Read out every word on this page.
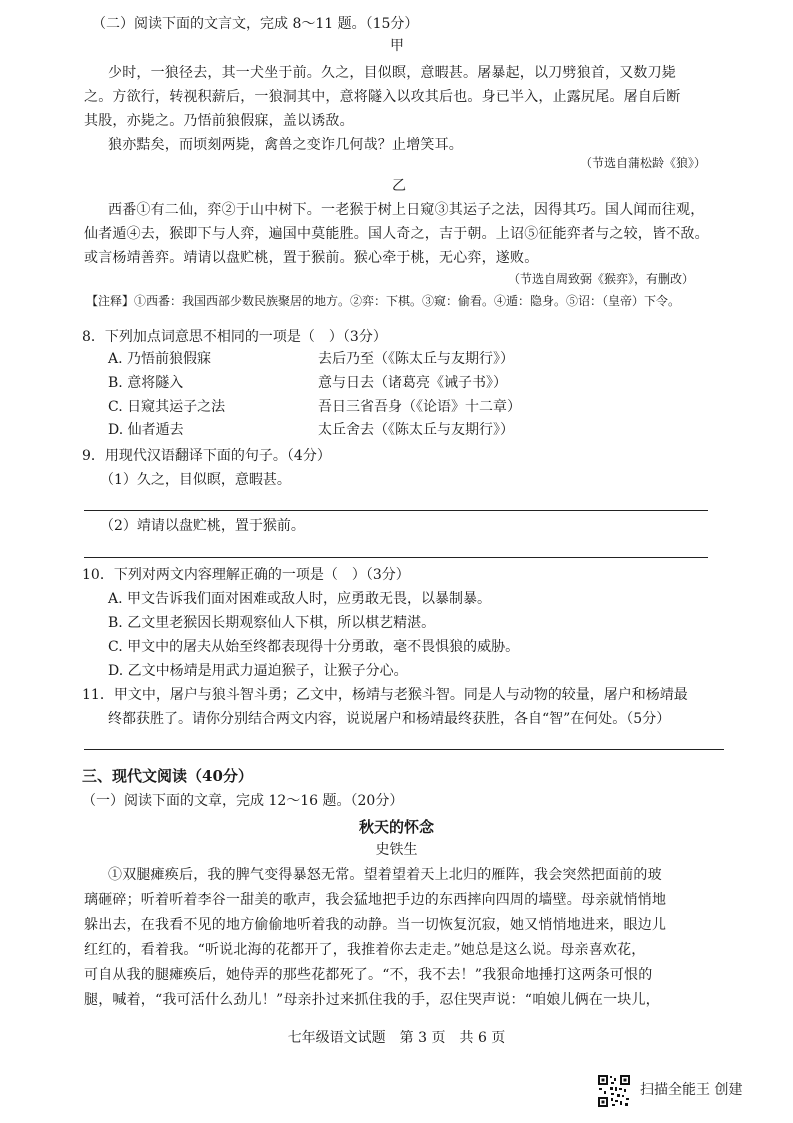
（二）阅读下面的文言文，完成 8～11 题。（15分）
甲
少时，一狼径去，其一犬坐于前。久之，目似瞑，意暇甚。屠暴起，以刀劈狼首，又数刀毙
之。方欲行，转视积薪后，一狼洞其中，意将隧入以攻其后也。身已半入，止露尻尾。屠自后断
其股，亦毙之。乃悟前狼假寐，盖以诱敌。
狼亦黠矣，而顷刻两毙，禽兽之变诈几何哉？止增笑耳。
（节选自蒲松龄《狼》）
乙
西番①有二仙，弈②于山中树下。一老猴于树上日窥③其运子之法，因得其巧。国人闻而往观，
仙者遁④去，猴即下与人弈，遍国中莫能胜。国人奇之，吉于朝。上诏⑤征能弈者与之较，皆不敌。
或言杨靖善弈。靖请以盘贮桃，置于猴前。猴心牵于桃，无心弈，遂败。
（节选自周致弼《猴弈》，有删改）
【注释】①西番：我国西部少数民族聚居的地方。②弈：下棋。③窥：偷看。④遁：隐身。⑤诏：（皇帝）下令。
8．下列加点词意思不相同的一项是（　）（3分）
A. 乃悟前狼假寐	去后乃至（《陈太丘与友期行》）
B. 意将隧入	意与日去（诸葛亮《诫子书》）
C. 日窥其运子之法	吾日三省吾身（《论语》十二章）
D. 仙者遁去	太丘舍去（《陈太丘与友期行》）
9．用现代汉语翻译下面的句子。（4分）
（1）久之，目似瞑，意暇甚。
（2）靖请以盘贮桃，置于猴前。
10．下列对两文内容理解正确的一项是（　）（3分）
A. 甲文告诉我们面对困难或敌人时，应勇敢无畏，以暴制暴。
B. 乙文里老猴因长期观察仙人下棋，所以棋艺精湛。
C. 甲文中的屠夫从始至终都表现得十分勇敢，毫不畏惧狼的威胁。
D. 乙文中杨靖是用武力逼迫猴子，让猴子分心。
11．甲文中，屠户与狼斗智斗勇；乙文中，杨靖与老猴斗智。同是人与动物的较量，屠户和杨靖最
终都获胜了。请你分别结合两文内容，说说屠户和杨靖最终获胜，各自“智”在何处。（5分）
三、现代文阅读（40分）
（一）阅读下面的文章，完成 12～16 题。（20分）
秋天的怀念
史铁生
①双腿瘫痪后，我的脾气变得暴怒无常。望着望着天上北归的雁阵，我会突然把面前的玻
璃砸碎；听着听着李谷一甜美的歌声，我会猛地把手边的东西摔向四周的墙壁。母亲就悄悄地
躲出去，在我看不见的地方偷偷地听着我的动静。当一切恢复沉寂，她又悄悄地进来，眼边儿
红红的，看着我。“听说北海的花都开了，我推着你去走走。”她总是这么说。母亲喜欢花，
可自从我的腿瘫痪后，她侍弄的那些花都死了。“不，我不去！”我狠命地捶打这两条可恨的
腿，喊着，“我可活什么劲儿！”母亲扑过来抓住我的手，忍住哭声说：“咱娘儿俩在一块儿，
七年级语文试题　第 3 页　共 6 页
扫描全能王 创建
